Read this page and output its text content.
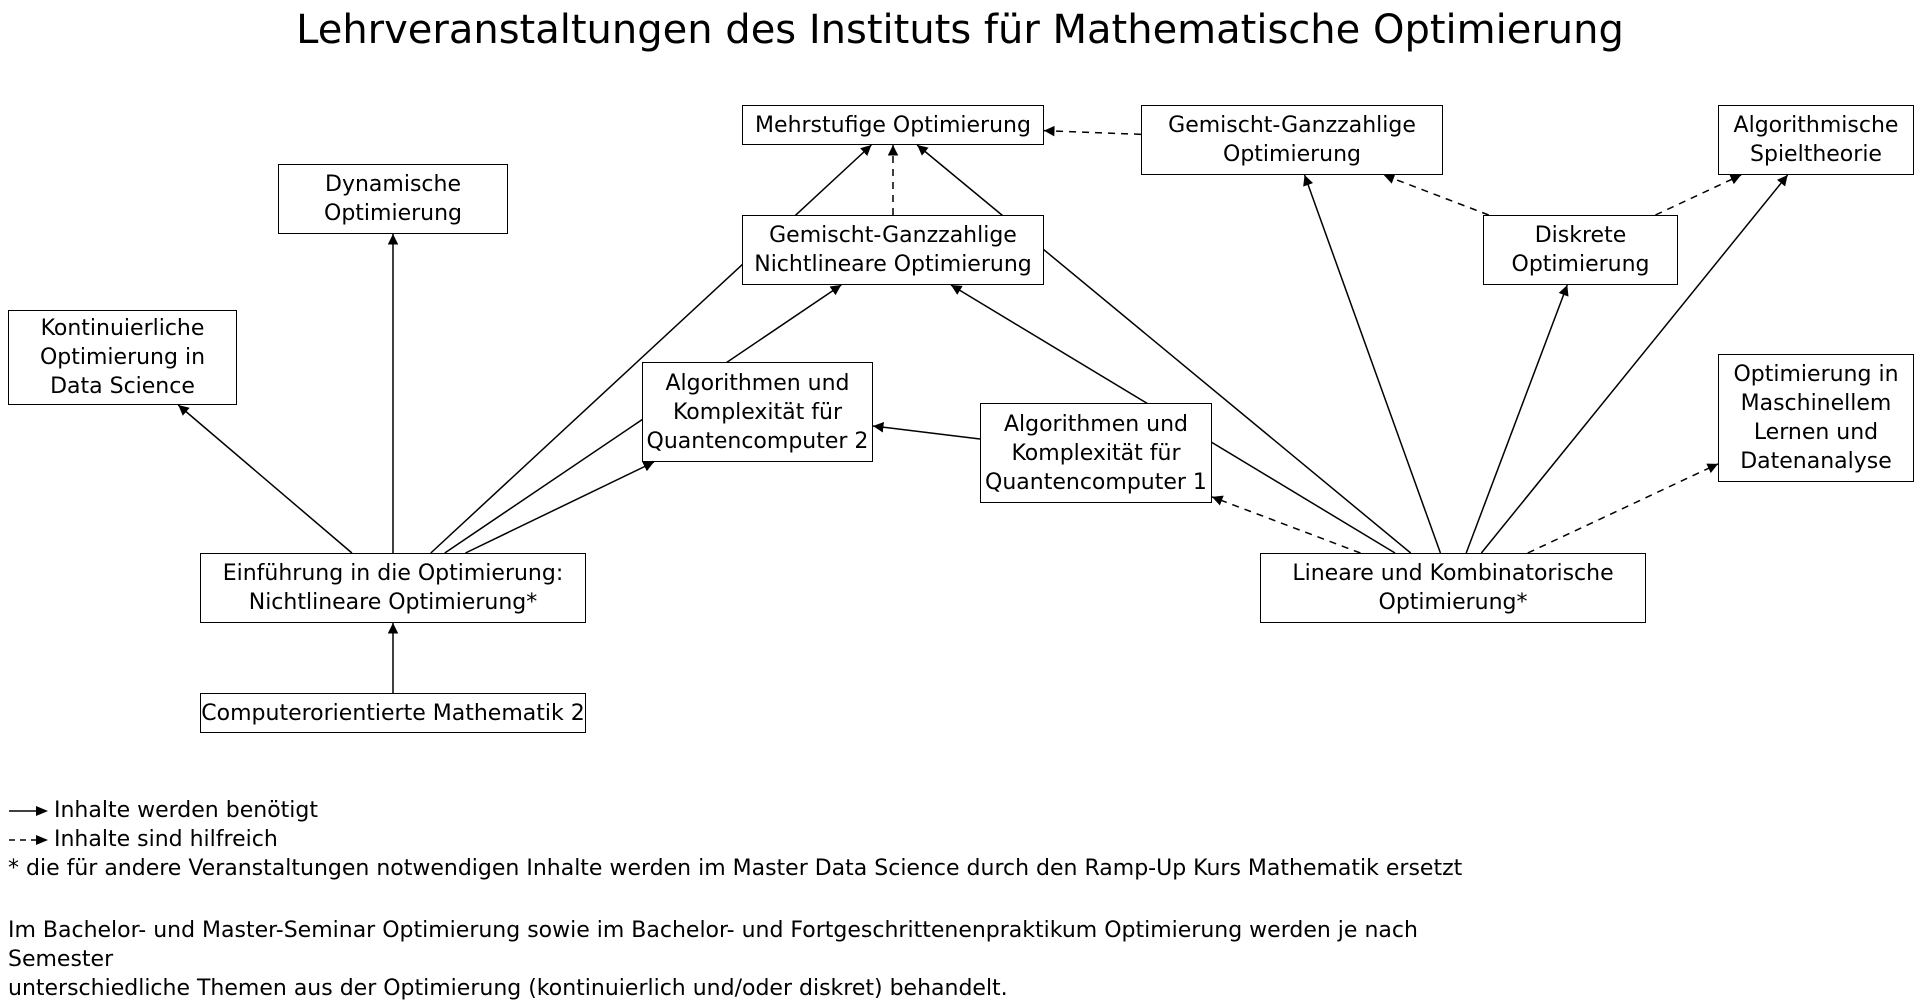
Lehrveranstaltungen des Instituts für Mathematische Optimierung
Mehrstufige Optimierung	Gemischt-Ganzzahlige
Optimierung
Algorithmische
Spieltheorie
Dynamische
Optimierung
Gemischt-Ganzzahlige
Nichtlineare Optimierung
Diskrete
Optimierung
Kontinuierliche
Optimierung in
Data Science	Algorithmen und
Komplexität für
Quantencomputer 2
Algorithmen und
Komplexität für
Quantencomputer 1
Optimierung in
Maschinellem
Lernen und
Datenanalyse
Einführung in die Optimierung:
Nichtlineare Optimierung*
Lineare und Kombinatorische
Optimierung*
Computerorientierte Mathematik 2
Inhalte werden benötigt
Inhalte sind hilfreich
* die für andere Veranstaltungen notwendigen Inhalte werden im Master Data Science durch den Ramp-Up Kurs Mathematik ersetzt
Im Bachelor- und Master-Seminar Optimierung sowie im Bachelor- und Fortgeschrittenenpraktikum Optimierung werden je nach Semester
unterschiedliche Themen aus der Optimierung (kontinuierlich und/oder diskret) behandelt.
